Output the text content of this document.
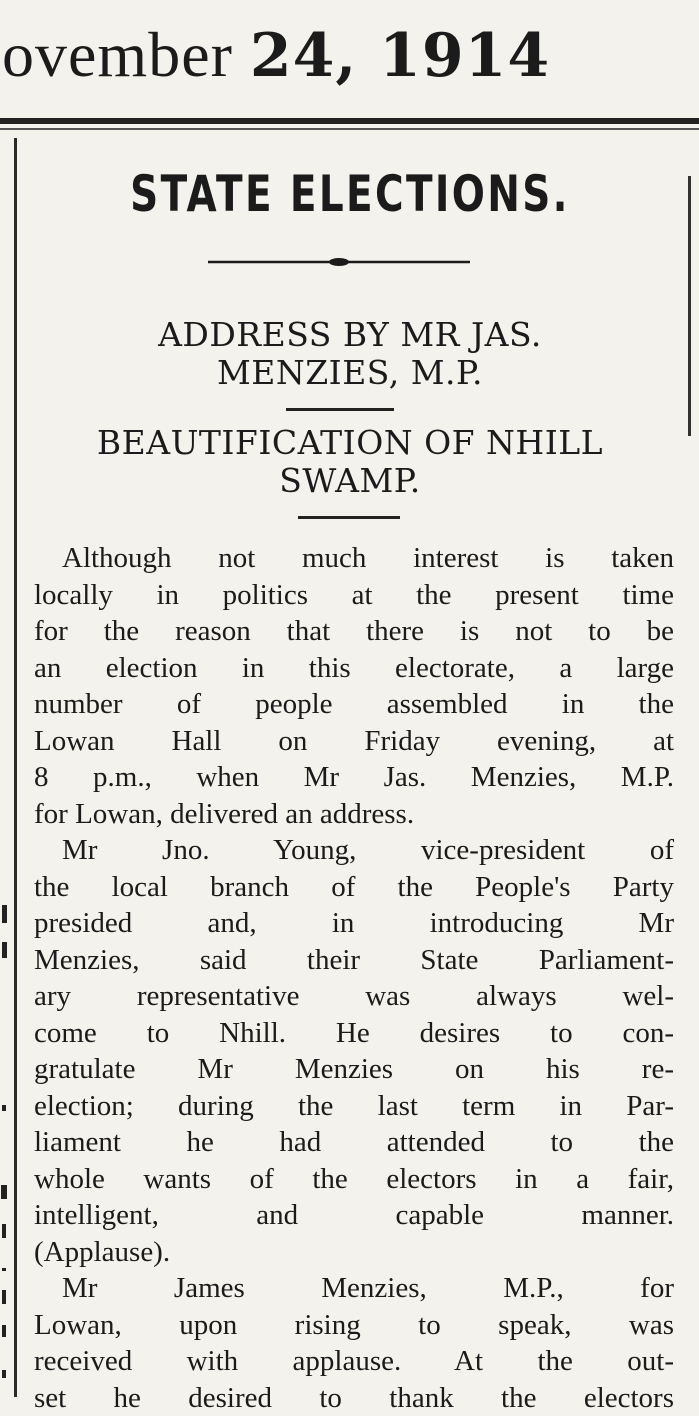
ovember 24, 1914
STATE ELECTIONS.
ADDRESS BY MR JAS.
MENZIES, M.P.
BEAUTIFICATION OF NHILL
SWAMP.
Although not much interest is taken
locally in politics at the present time
for the reason that there is not to be
an election in this electorate, a large
number of people assembled in the
Lowan Hall on Friday evening, at
8 p.m., when Mr Jas. Menzies, M.P.
for Lowan, delivered an address.
Mr Jno. Young, vice-president of
the local branch of the People's Party
presided and, in introducing Mr
Menzies, said their State Parliament-
ary representative was always wel-
come to Nhill. He desires to con-
gratulate Mr Menzies on his re-
election; during the last term in Par-
liament he had attended to the
whole wants of the electors in a fair,
intelligent, and capable manner.
(Applause).
Mr James Menzies, M.P., for
Lowan, upon rising to speak, was
received with applause. At the out-
set he desired to thank the electors
